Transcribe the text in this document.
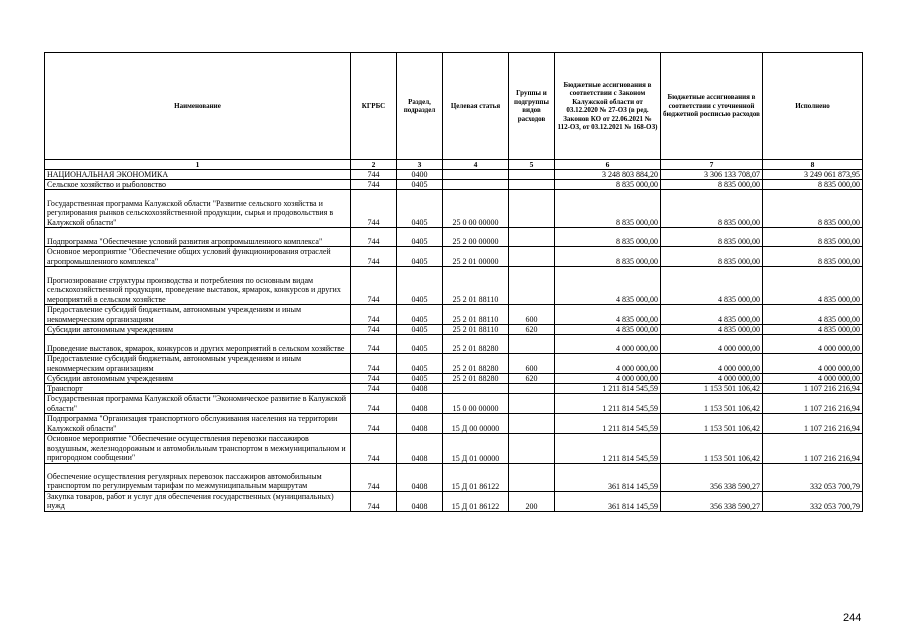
Наименование	КГРБС	Раздел, подраздел	Целевая статья	Группы и подгруппы видов расходов	Бюджетные ассигнования в соответствии с Законом Калужской области от 03.12.2020 № 27-ОЗ (в ред. Законов КО от 22.06.2021 № 112-ОЗ, от 03.12.2021 № 168-ОЗ)	Бюджетные ассигнования в соответствии с уточненной бюджетной росписью расходов	Исполнено
1	2	3	4	5	6	7	8
НАЦИОНАЛЬНАЯ ЭКОНОМИКА	744	0400			3 248 803 884,20	3 306 133 708,07	3 249 061 873,95
Сельское хозяйство и рыболовство	744	0405			8 835 000,00	8 835 000,00	8 835 000,00
Государственная программа Калужской области "Развитие сельского хозяйства и регулирования рынков сельскохозяйственной продукции, сырья и продовольствия в Калужской области"	744	0405	25 0 00 00000		8 835 000,00	8 835 000,00	8 835 000,00
Подпрограмма "Обеспечение условий развития агропромышленного комплекса"	744	0405	25 2 00 00000		8 835 000,00	8 835 000,00	8 835 000,00
Основное мероприятие "Обеспечение общих условий функционирования отраслей агропромышленного комплекса"	744	0405	25 2 01 00000		8 835 000,00	8 835 000,00	8 835 000,00
Прогнозирование структуры производства и потребления по основным видам сельскохозяйственной продукции, проведение выставок, ярмарок, конкурсов и других мероприятий в сельском хозяйстве	744	0405	25 2 01 88110		4 835 000,00	4 835 000,00	4 835 000,00
Предоставление субсидий бюджетным, автономным учреждениям и иным некоммерческим организациям	744	0405	25 2 01 88110	600	4 835 000,00	4 835 000,00	4 835 000,00
Субсидии автономным учреждениям	744	0405	25 2 01 88110	620	4 835 000,00	4 835 000,00	4 835 000,00
Проведение выставок, ярмарок, конкурсов и других мероприятий в сельском хозяйстве	744	0405	25 2 01 88280		4 000 000,00	4 000 000,00	4 000 000,00
Предоставление субсидий бюджетным, автономным учреждениям и иным некоммерческим организациям	744	0405	25 2 01 88280	600	4 000 000,00	4 000 000,00	4 000 000,00
Субсидии автономным учреждениям	744	0405	25 2 01 88280	620	4 000 000,00	4 000 000,00	4 000 000,00
Транспорт	744	0408			1 211 814 545,59	1 153 501 106,42	1 107 216 216,94
Государственная программа Калужской области "Экономическое развитие в Калужской области"	744	0408	15 0 00 00000		1 211 814 545,59	1 153 501 106,42	1 107 216 216,94
Подпрограмма "Организация транспортного обслуживания населения на территории Калужской области"	744	0408	15 Д 00 00000		1 211 814 545,59	1 153 501 106,42	1 107 216 216,94
Основное мероприятие "Обеспечение осуществления перевозки пассажиров воздушным, железнодорожным и автомобильным транспортом в межмуниципальном и пригородном сообщении"	744	0408	15 Д 01 00000		1 211 814 545,59	1 153 501 106,42	1 107 216 216,94
Обеспечение осуществления регулярных перевозок пассажиров автомобильным транспортом по регулируемым тарифам по межмуниципальным маршрутам	744	0408	15 Д 01 86122		361 814 145,59	356 338 590,27	332 053 700,79
Закупка товаров, работ и услуг для обеспечения государственных (муниципальных) нужд	744	0408	15 Д 01 86122	200	361 814 145,59	356 338 590,27	332 053 700,79
244
